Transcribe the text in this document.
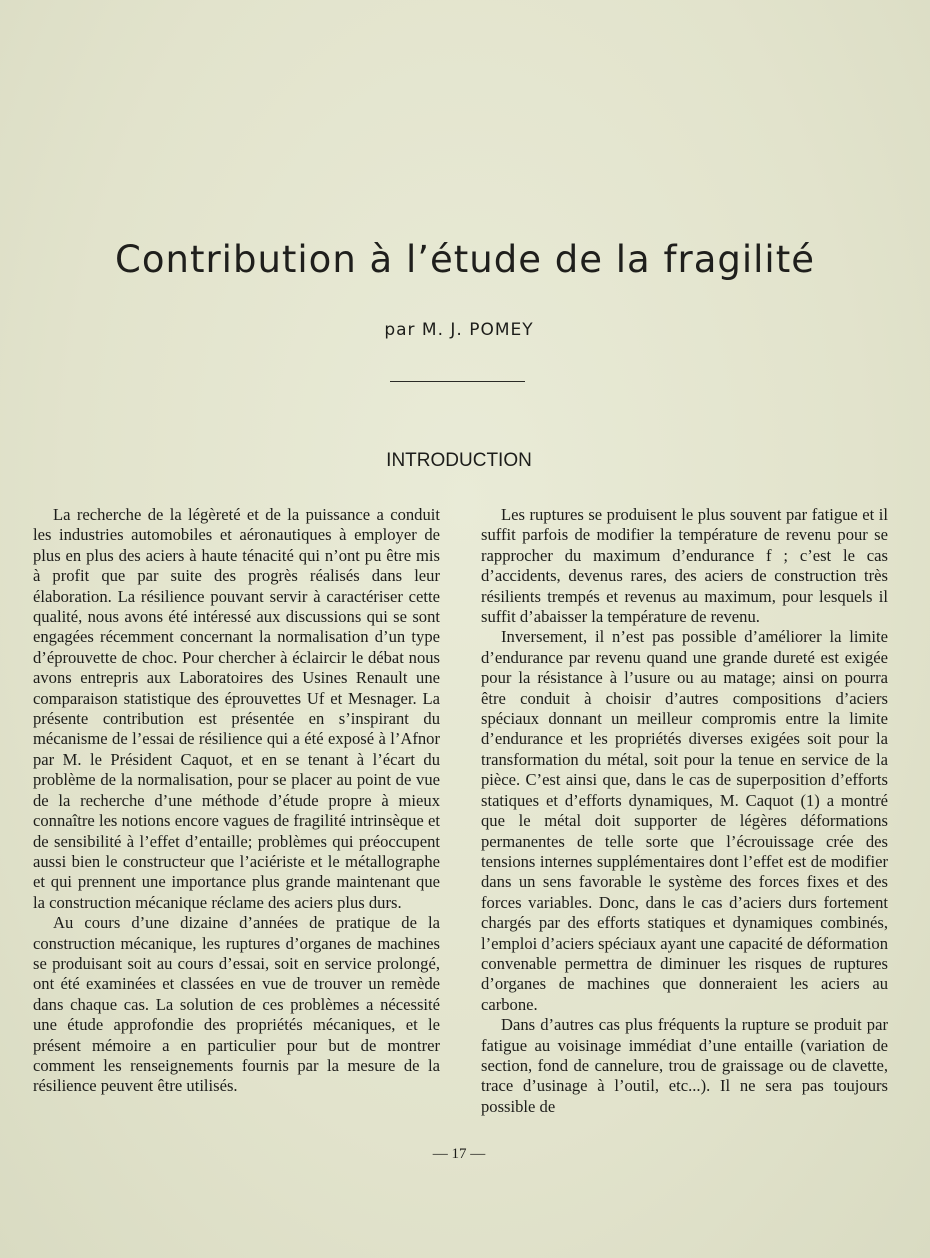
Contribution à l’étude de la fragilité
par M. J. POMEY
INTRODUCTION

La recherche de la légèreté et de la puissance a conduit les industries automobiles et aéronautiques à employer de plus en plus des aciers à haute ténacité qui n’ont pu être mis à profit que par suite des progrès réalisés dans leur élaboration. La résilience pouvant servir à caractériser cette qualité, nous avons été intéressé aux discussions qui se sont engagées récemment concernant la normalisation d’un type d’éprouvette de choc. Pour chercher à éclaircir le débat nous avons entrepris aux Laboratoires des Usines Renault une comparaison statistique des éprouvettes Uf et Mesnager. La présente contribution est présentée en s’inspirant du mécanisme de l’essai de résilience qui a été exposé à l’Afnor par M. le Président Caquot, et en se tenant à l’écart du problème de la normalisation, pour se placer au point de vue de la recherche d’une méthode d’étude propre à mieux connaître les notions encore vagues de fragilité intrinsèque et de sensibilité à l’effet d’entaille; problèmes qui préoccupent aussi bien le constructeur que l’aciériste et le métallographe et qui prennent une importance plus grande maintenant que la construction mécanique réclame des aciers plus durs.

Au cours d’une dizaine d’années de pratique de la construction mécanique, les ruptures d’organes de machines se produisant soit au cours d’essai, soit en service prolongé, ont été examinées et classées en vue de trouver un remède dans chaque cas. La solution de ces problèmes a nécessité une étude approfondie des propriétés mécaniques, et le présent mémoire a en particulier pour but de montrer comment les renseignements fournis par la mesure de la résilience peuvent être utilisés.

Les ruptures se produisent le plus souvent par fatigue et il suffit parfois de modifier la température de revenu pour se rapprocher du maximum d’endurance f ; c’est le cas d’accidents, devenus rares, des aciers de construction très résilients trempés et revenus au maximum, pour lesquels il suffit d’abaisser la température de revenu.

Inversement, il n’est pas possible d’améliorer la limite d’endurance par revenu quand une grande dureté est exigée pour la résistance à l’usure ou au matage; ainsi on pourra être conduit à choisir d’autres compositions d’aciers spéciaux donnant un meilleur compromis entre la limite d’endurance et les propriétés diverses exigées soit pour la transformation du métal, soit pour la tenue en service de la pièce. C’est ainsi que, dans le cas de superposition d’efforts statiques et d’efforts dynamiques, M. Caquot (1) a montré que le métal doit supporter de légères déformations permanentes de telle sorte que l’écrouissage crée des tensions internes supplémentaires dont l’effet est de modifier dans un sens favorable le système des forces fixes et des forces variables. Donc, dans le cas d’aciers durs fortement chargés par des efforts statiques et dynamiques combinés, l’emploi d’aciers spéciaux ayant une capacité de déformation convenable permettra de diminuer les risques de ruptures d’organes de machines que donneraient les aciers au carbone.

Dans d’autres cas plus fréquents la rupture se produit par fatigue au voisinage immédiat d’une entaille (variation de section, fond de cannelure, trou de graissage ou de clavette, trace d’usinage à l’outil, etc...). Il ne sera pas toujours possible de

— 17 —
